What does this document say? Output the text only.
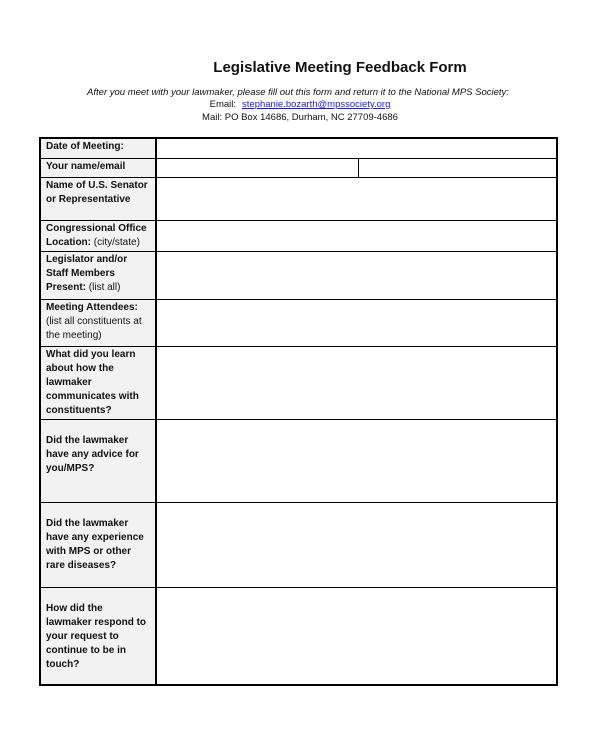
Legislative Meeting Feedback Form
After you meet with your lawmaker, please fill out this form and return it to the National MPS Society:
Email: stephanie.bozarth@mpssociety.org
Mail: PO Box 14686, Durham, NC 27709-4686
Date of Meeting:		
Your name/email		
Name of U.S. Senator or Representative		
Congressional Office Location: (city/state)		
Legislator and/or Staff Members Present: (list all)		
Meeting Attendees: (list all constituents at the meeting)		
What did you learn about how the lawmaker communicates with constituents?		
Did the lawmaker have any advice for you/MPS?		
Did the lawmaker have any experience with MPS or other rare diseases?		
How did the lawmaker respond to your request to continue to be in touch?		
